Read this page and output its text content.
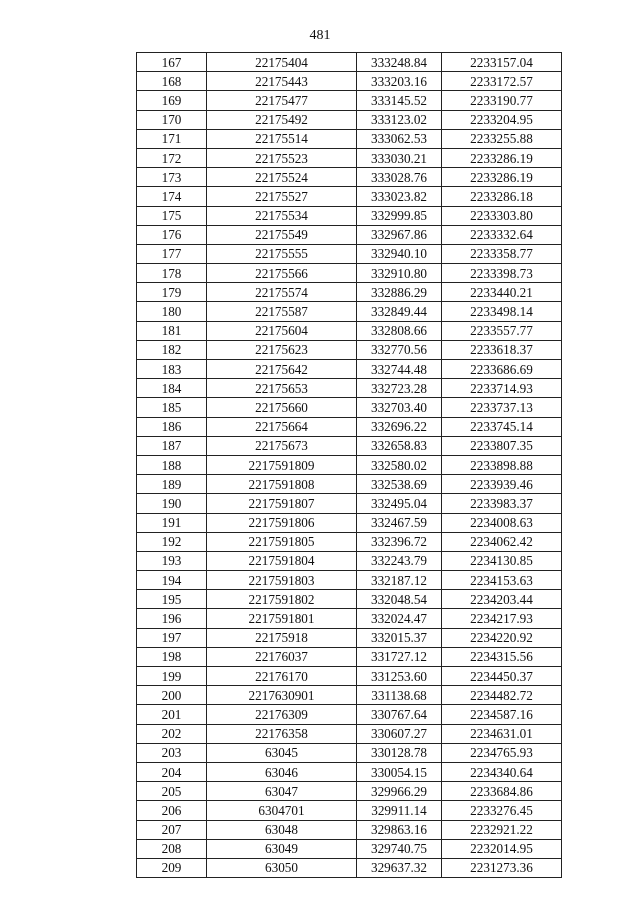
481
167	22175404	333248.84	2233157.04
168	22175443	333203.16	2233172.57
169	22175477	333145.52	2233190.77
170	22175492	333123.02	2233204.95
171	22175514	333062.53	2233255.88
172	22175523	333030.21	2233286.19
173	22175524	333028.76	2233286.19
174	22175527	333023.82	2233286.18
175	22175534	332999.85	2233303.80
176	22175549	332967.86	2233332.64
177	22175555	332940.10	2233358.77
178	22175566	332910.80	2233398.73
179	22175574	332886.29	2233440.21
180	22175587	332849.44	2233498.14
181	22175604	332808.66	2233557.77
182	22175623	332770.56	2233618.37
183	22175642	332744.48	2233686.69
184	22175653	332723.28	2233714.93
185	22175660	332703.40	2233737.13
186	22175664	332696.22	2233745.14
187	22175673	332658.83	2233807.35
188	2217591809	332580.02	2233898.88
189	2217591808	332538.69	2233939.46
190	2217591807	332495.04	2233983.37
191	2217591806	332467.59	2234008.63
192	2217591805	332396.72	2234062.42
193	2217591804	332243.79	2234130.85
194	2217591803	332187.12	2234153.63
195	2217591802	332048.54	2234203.44
196	2217591801	332024.47	2234217.93
197	22175918	332015.37	2234220.92
198	22176037	331727.12	2234315.56
199	22176170	331253.60	2234450.37
200	2217630901	331138.68	2234482.72
201	22176309	330767.64	2234587.16
202	22176358	330607.27	2234631.01
203	63045	330128.78	2234765.93
204	63046	330054.15	2234340.64
205	63047	329966.29	2233684.86
206	6304701	329911.14	2233276.45
207	63048	329863.16	2232921.22
208	63049	329740.75	2232014.95
209	63050	329637.32	2231273.36
